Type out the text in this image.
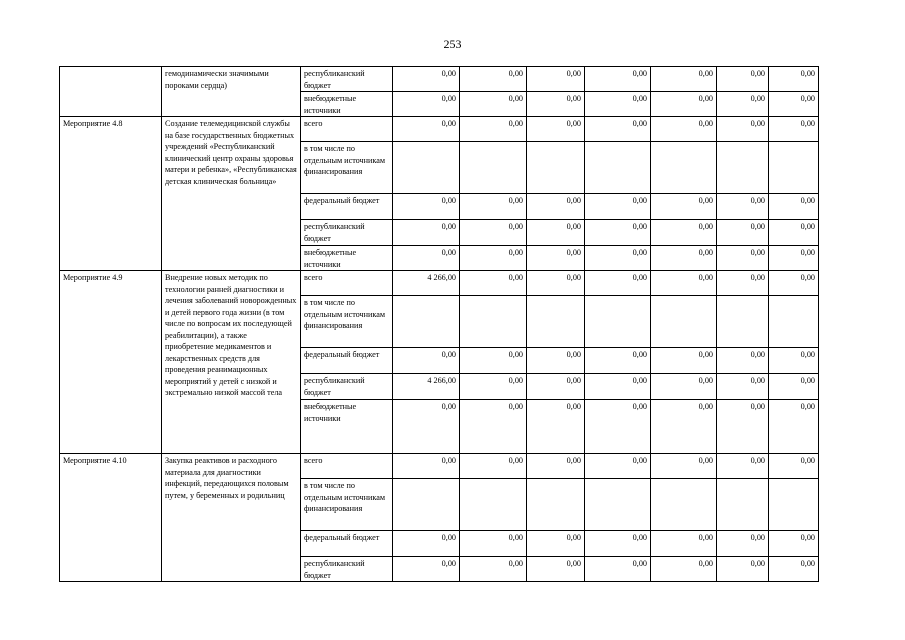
253
	гемодинамически значимыми пороками сердца)	республиканский бюджет	0,00	0,00	0,00	0,00	0,00	0,00	0,00
		внебюджетные источники	0,00	0,00	0,00	0,00	0,00	0,00	0,00
Мероприятие 4.8	Создание телемедицинской службы на базе государственных бюджетных учреждений «Республиканский клинический центр охраны здоровья матери и ребенка», «Республиканская детская клиническая больница»	всего	0,00	0,00	0,00	0,00	0,00	0,00	0,00
		в том числе по отдельным источникам финансирования							
		федеральный бюджет	0,00	0,00	0,00	0,00	0,00	0,00	0,00
		республиканский бюджет	0,00	0,00	0,00	0,00	0,00	0,00	0,00
		внебюджетные источники	0,00	0,00	0,00	0,00	0,00	0,00	0,00
Мероприятие 4.9	Внедрение новых методик по технологии ранней диагностики и лечения заболеваний новорожденных и детей первого года жизни (в том числе по вопросам их последующей реабилитации), а также приобретение медикаментов и лекарственных средств для проведения реанимационных мероприятий у детей с низкой и экстремально низкой массой тела	всего	4 266,00	0,00	0,00	0,00	0,00	0,00	0,00
		в том числе по отдельным источникам финансирования							
		федеральный бюджет	0,00	0,00	0,00	0,00	0,00	0,00	0,00
		республиканский бюджет	4 266,00	0,00	0,00	0,00	0,00	0,00	0,00
		внебюджетные источники	0,00	0,00	0,00	0,00	0,00	0,00	0,00
Мероприятие 4.10	Закупка реактивов и расходного материала для диагностики инфекций, передающихся половым путем, у беременных и родильниц	всего	0,00	0,00	0,00	0,00	0,00	0,00	0,00
		в том числе по отдельным источникам финансирования							
		федеральный бюджет	0,00	0,00	0,00	0,00	0,00	0,00	0,00
		республиканский бюджет	0,00	0,00	0,00	0,00	0,00	0,00	0,00
